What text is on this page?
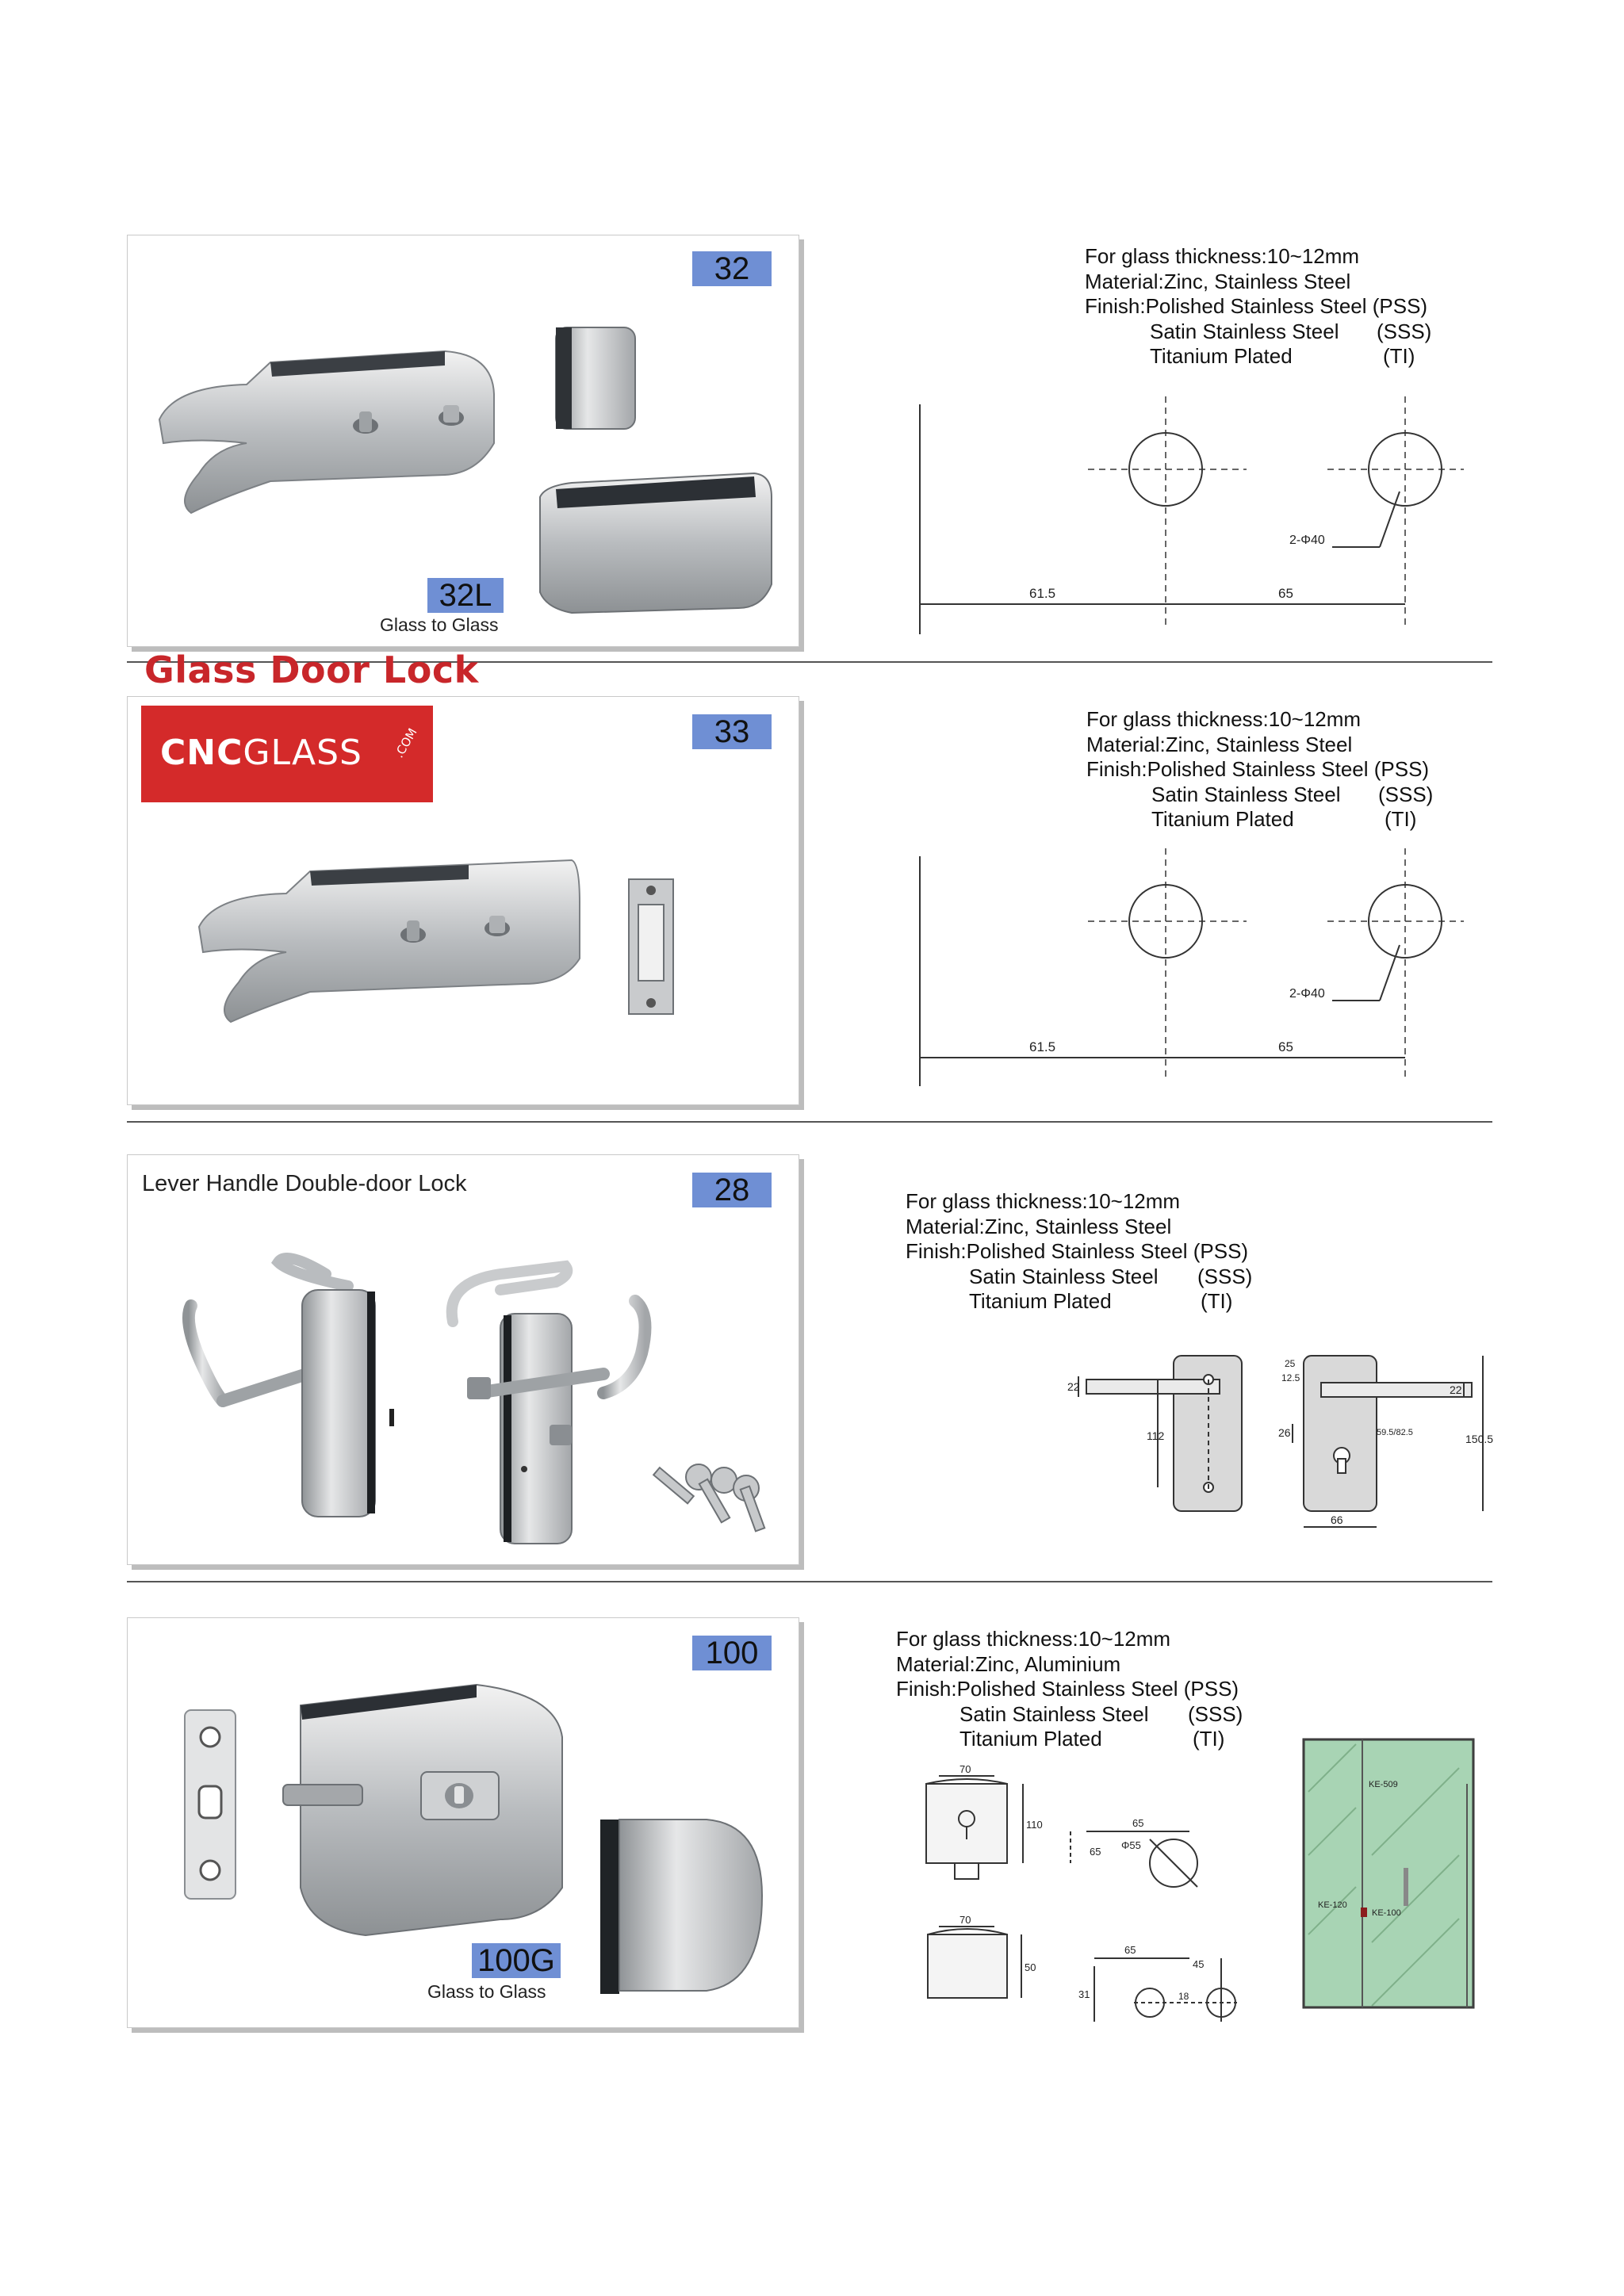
32
32L
Glass to Glass
For glass thickness:10~12mm
Material:Zinc, Stainless Steel
Finish:Polished Stainless Steel (PSS)
Satin Stainless Steel (SSS)
Titanium Plated	(TI)
61.5	65
2-Φ40
Glass Door Lock
33
CNCGLASS .COM
For glass thickness:10~12mm
Material:Zinc, Stainless Steel
Finish:Polished Stainless Steel (PSS)
Satin Stainless Steel (SSS)
Titanium Plated	(TI)
61.5	65
2-Φ40
Lever Handle Double-door Lock	28	For glass thickness:10~12mm
Material:Zinc, Stainless Steel
Finish:Polished Stainless Steel (PSS)
Satin Stainless Steel (SSS)
Titanium Plated	(TI)
22
112
25
12.5
26
22
150.5
66
59.5/82.5
100
100G
Glass to Glass
For glass thickness:10~12mm
Material:Zinc, Aluminium
Finish:Polished Stainless Steel (PSS)
Satin Stainless Steel (SSS)
Titanium Plated	(TI)
70
110	65
65
Φ55
70
50
31
65
45
18
KE-509
KE-120
KE-100
